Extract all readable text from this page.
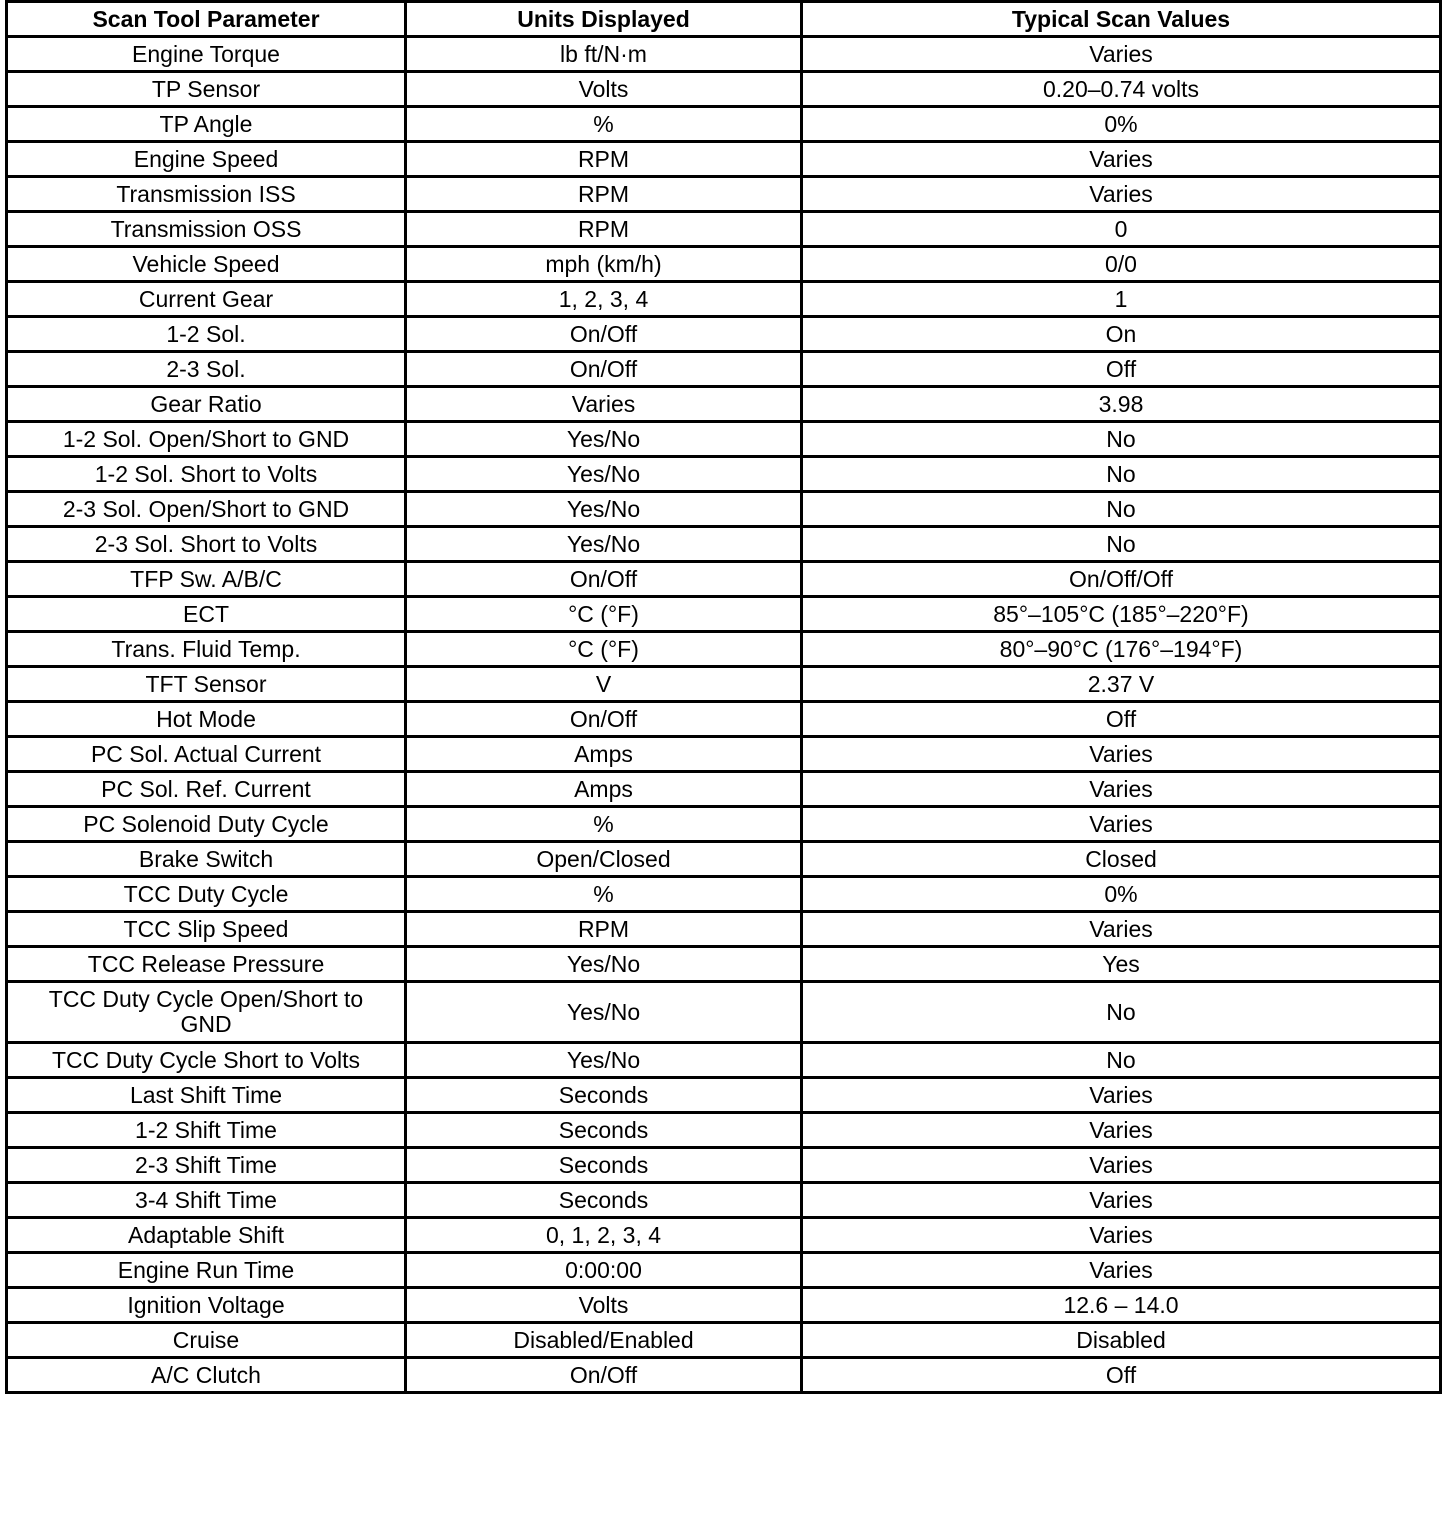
Scan Tool Parameter	Units Displayed	Typical Scan Values
Engine Torque	lb ft/N·m	Varies
TP Sensor	Volts	0.20–0.74 volts
TP Angle	%	0%
Engine Speed	RPM	Varies
Transmission ISS	RPM	Varies
Transmission OSS	RPM	0
Vehicle Speed	mph (km/h)	0/0
Current Gear	1, 2, 3, 4	1
1-2 Sol.	On/Off	On
2-3 Sol.	On/Off	Off
Gear Ratio	Varies	3.98
1-2 Sol. Open/Short to GND	Yes/No	No
1-2 Sol. Short to Volts	Yes/No	No
2-3 Sol. Open/Short to GND	Yes/No	No
2-3 Sol. Short to Volts	Yes/No	No
TFP Sw. A/B/C	On/Off	On/Off/Off
ECT	°C (°F)	85°–105°C (185°–220°F)
Trans. Fluid Temp.	°C (°F)	80°–90°C (176°–194°F)
TFT Sensor	V	2.37 V
Hot Mode	On/Off	Off
PC Sol. Actual Current	Amps	Varies
PC Sol. Ref. Current	Amps	Varies
PC Solenoid Duty Cycle	%	Varies
Brake Switch	Open/Closed	Closed
TCC Duty Cycle	%	0%
TCC Slip Speed	RPM	Varies
TCC Release Pressure	Yes/No	Yes
TCC Duty Cycle Open/Short to GND	Yes/No	No
TCC Duty Cycle Short to Volts	Yes/No	No
Last Shift Time	Seconds	Varies
1-2 Shift Time	Seconds	Varies
2-3 Shift Time	Seconds	Varies
3-4 Shift Time	Seconds	Varies
Adaptable Shift	0, 1, 2, 3, 4	Varies
Engine Run Time	0:00:00	Varies
Ignition Voltage	Volts	12.6 – 14.0
Cruise	Disabled/Enabled	Disabled
A/C Clutch	On/Off	Off
